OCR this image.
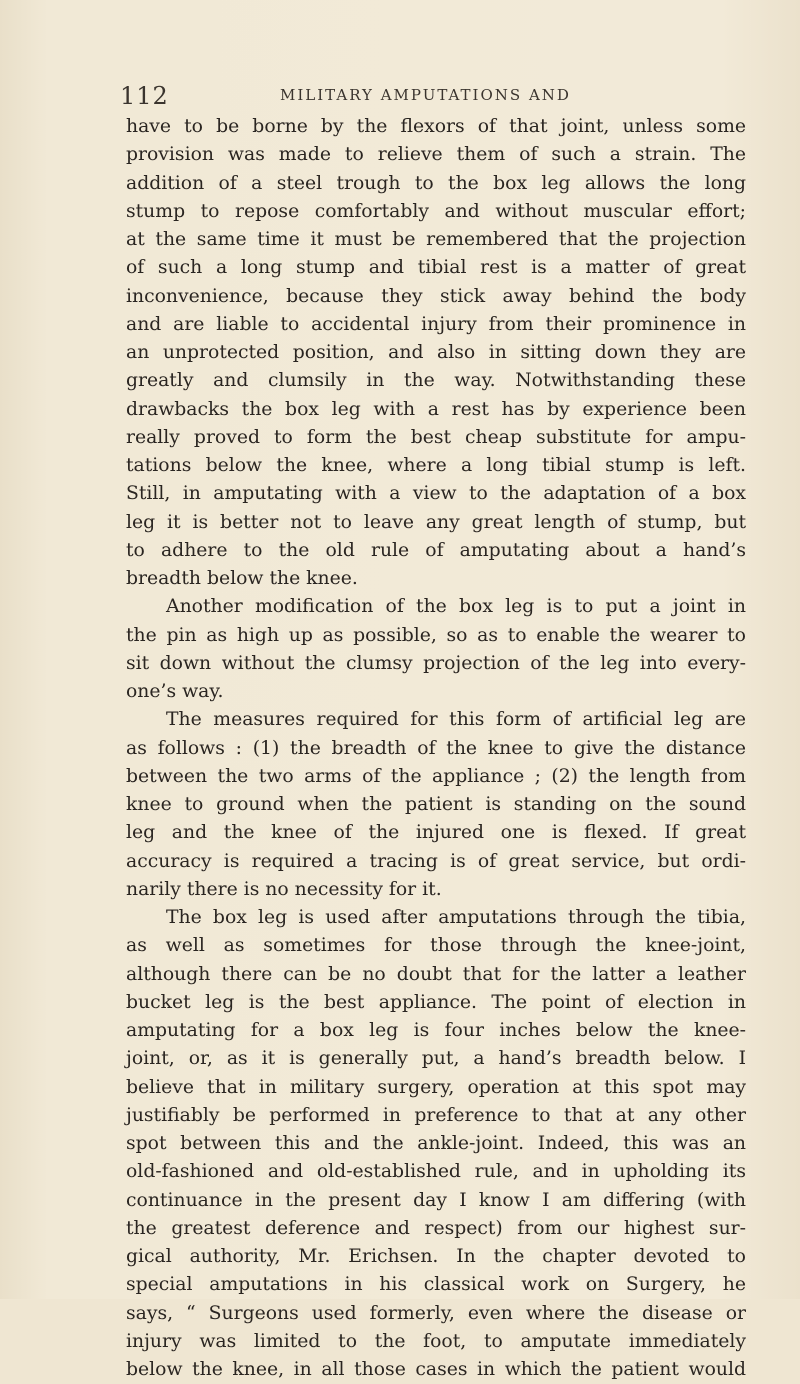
112	MILITARY AMPUTATIONS AND
have to be borne by the flexors of that joint, unless some
provision was made to relieve them of such a strain. The
addition of a steel trough to the box leg allows the long
stump to repose comfortably and without muscular effort;
at the same time it must be remembered that the projection
of such a long stump and tibial rest is a matter of great
inconvenience, because they stick away behind the body
and are liable to accidental injury from their prominence in
an unprotected position, and also in sitting down they are
greatly and clumsily in the way. Notwithstanding these
drawbacks the box leg with a rest has by experience been
really proved to form the best cheap substitute for ampu-
tations below the knee, where a long tibial stump is left.
Still, in amputating with a view to the adaptation of a box
leg it is better not to leave any great length of stump, but
to adhere to the old rule of amputating about a hand’s
breadth below the knee.
Another modification of the box leg is to put a joint in
the pin as high up as possible, so as to enable the wearer to
sit down without the clumsy projection of the leg into every-
one’s way.
The measures required for this form of artificial leg are
as follows : (1) the breadth of the knee to give the distance
between the two arms of the appliance ; (2) the length from
knee to ground when the patient is standing on the sound
leg and the knee of the injured one is flexed. If great
accuracy is required a tracing is of great service, but ordi-
narily there is no necessity for it.
The box leg is used after amputations through the tibia,
as well as sometimes for those through the knee-joint,
although there can be no doubt that for the latter a leather
bucket leg is the best appliance. The point of election in
amputating for a box leg is four inches below the knee-
joint, or, as it is generally put, a hand’s breadth below. I
believe that in military surgery, operation at this spot may
justifiably be performed in preference to that at any other
spot between this and the ankle-joint. Indeed, this was an
old-fashioned and old-established rule, and in upholding its
continuance in the present day I know I am differing (with
the greatest deference and respect) from our highest sur-
gical authority, Mr. Erichsen. In the chapter devoted to
special amputations in his classical work on Surgery, he
says, “ Surgeons used formerly, even where the disease or
injury was limited to the foot, to amputate immediately
below the knee, in all those cases in which the patient would
